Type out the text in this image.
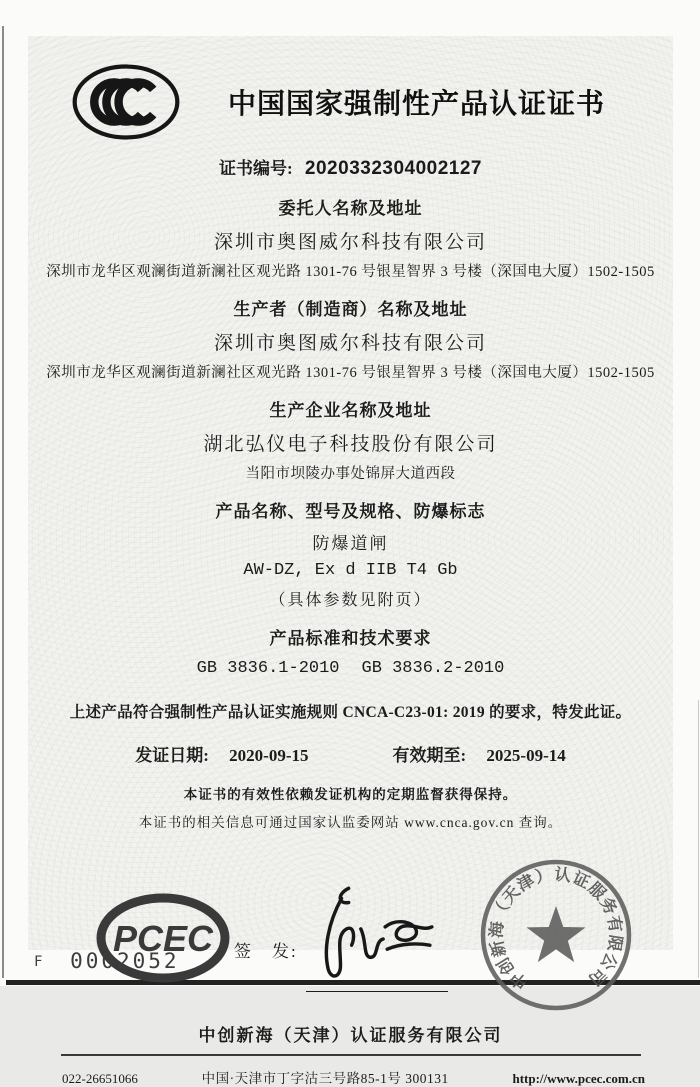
中国国家强制性产品认证证书
证书编号: 2020332304002127
委托人名称及地址
深圳市奥图威尔科技有限公司
深圳市龙华区观澜街道新澜社区观光路 1301-76 号银星智界 3 号楼（深国电大厦）1502-1505
生产者（制造商）名称及地址
深圳市奥图威尔科技有限公司
深圳市龙华区观澜街道新澜社区观光路 1301-76 号银星智界 3 号楼（深国电大厦）1502-1505
生产企业名称及地址
湖北弘仪电子科技股份有限公司
当阳市坝陵办事处锦屏大道西段
产品名称、型号及规格、防爆标志
防爆道闸
AW-DZ, Ex d IIB T4 Gb
（具体参数见附页）
产品标准和技术要求
GB 3836.1-2010 GB 3836.2-2010
上述产品符合强制性产品认证实施规则 CNCA-C23-01: 2019 的要求，特发此证。
发证日期: 2020-09-15	有效期至: 2025-09-14
本证书的有效性依赖发证机构的定期监督获得保持。
本证书的相关信息可通过国家认监委网站 www.cnca.gov.cn 查询。
PCEC 签　发:
中创新海（天津）认证服务有限公司
中创新海（天津）认证服务有限公司
022-26651066	中国·天津市丁字沽三号路85-1号 300131	http://www.pcec.com.cn
F 0002052
